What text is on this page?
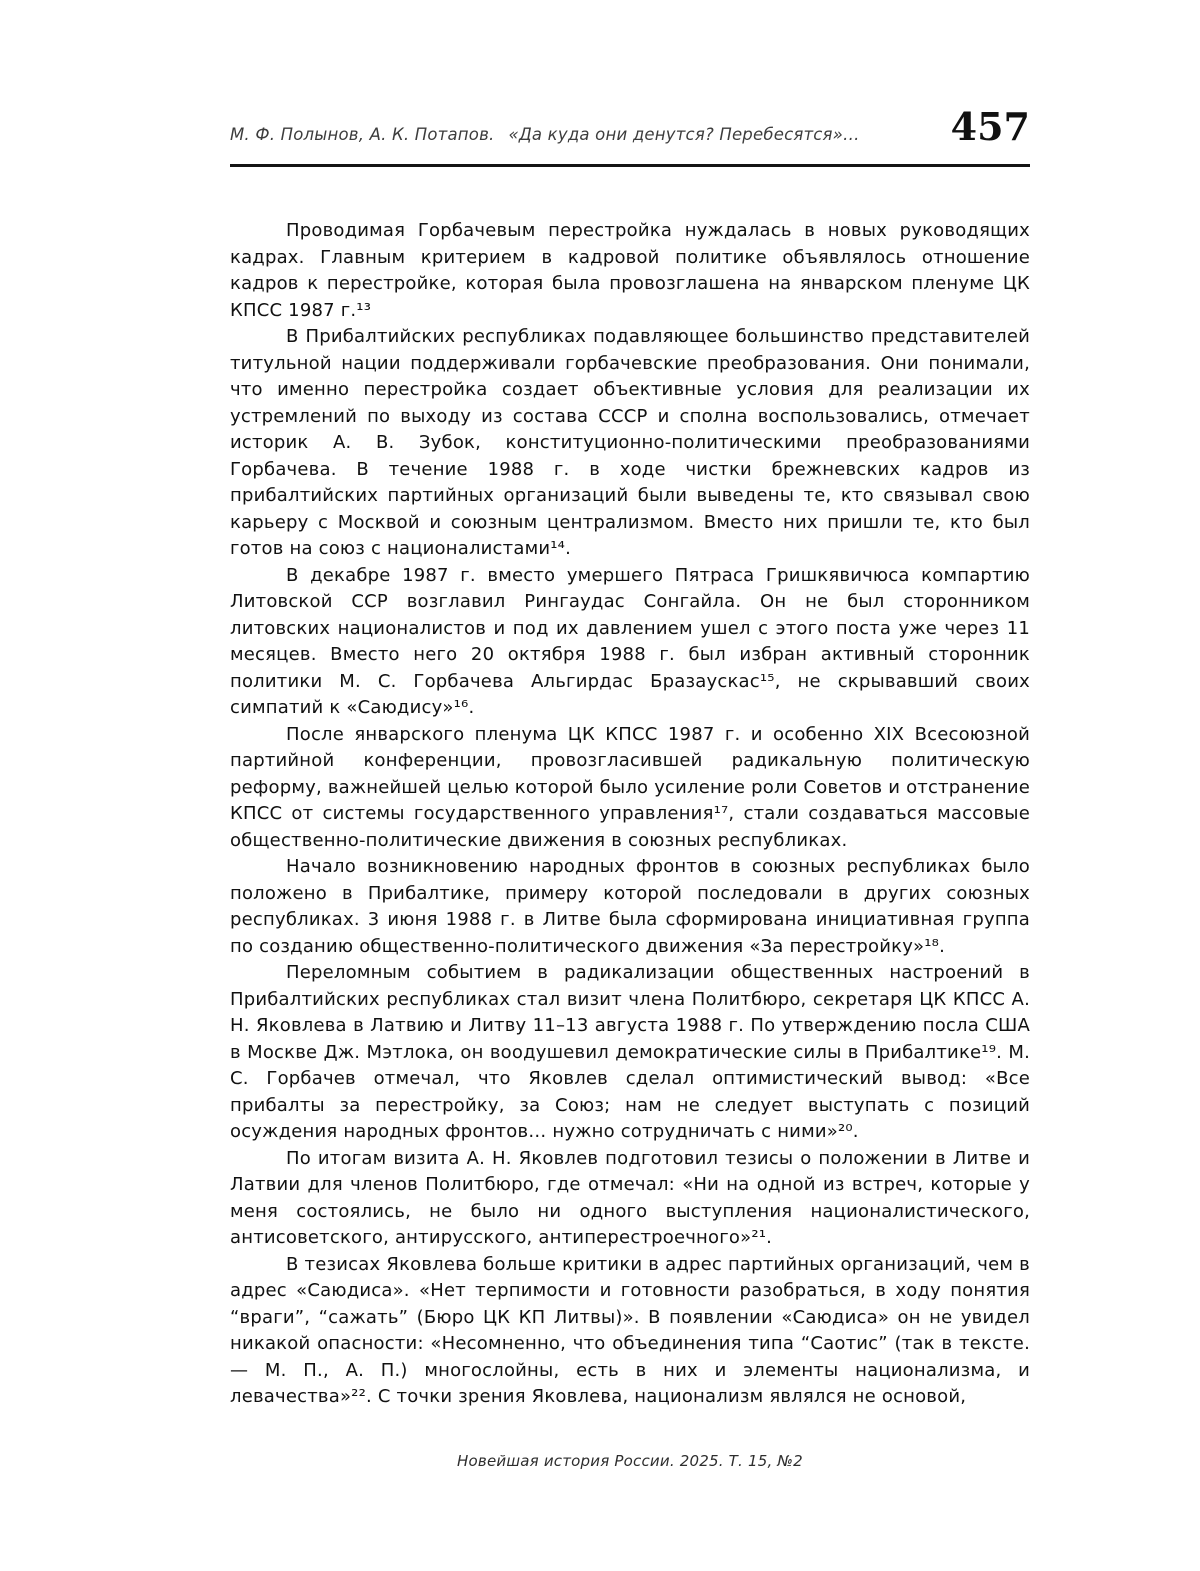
М. Ф. Полынов, А. К. Потапов. «Да куда они денутся? Перебесятся»… 457

Проводимая Горбачевым перестройка нуждалась в новых руководящих кадрах. Главным критерием в кадровой политике объявлялось отношение кадров к перестройке, которая была провозглашена на январском пленуме ЦК КПСС 1987 г.¹³

В Прибалтийских республиках подавляющее большинство представителей титульной нации поддерживали горбачевские преобразования. Они понимали, что именно перестройка создает объективные условия для реализации их устремлений по выходу из состава СССР и сполна воспользовались, отмечает историк А. В. Зубок, конституционно-политическими преобразованиями Горбачева. В течение 1988 г. в ходе чистки брежневских кадров из прибалтийских партийных организаций были выведены те, кто связывал свою карьеру с Москвой и союзным централизмом. Вместо них пришли те, кто был готов на союз с националистами¹⁴.

В декабре 1987 г. вместо умершего Пятраса Гришкявичюса компартию Литовской ССР возглавил Рингаудас Сонгайла. Он не был сторонником литовских националистов и под их давлением ушел с этого поста уже через 11 месяцев. Вместо него 20 октября 1988 г. был избран активный сторонник политики М. С. Горбачева Альгирдас Бразаускас¹⁵, не скрывавший своих симпатий к «Саюдису»¹⁶.

После январского пленума ЦК КПСС 1987 г. и особенно XIX Всесоюзной партийной конференции, провозгласившей радикальную политическую реформу, важнейшей целью которой было усиление роли Советов и отстранение КПСС от системы государственного управления¹⁷, стали создаваться массовые общественно-политические движения в союзных республиках.

Начало возникновению народных фронтов в союзных республиках было положено в Прибалтике, примеру которой последовали в других союзных республиках. 3 июня 1988 г. в Литве была сформирована инициативная группа по созданию общественно-политического движения «За перестройку»¹⁸.

Переломным событием в радикализации общественных настроений в Прибалтийских республиках стал визит члена Политбюро, секретаря ЦК КПСС А. Н. Яковлева в Латвию и Литву 11–13 августа 1988 г. По утверждению посла США в Москве Дж. Мэтлока, он воодушевил демократические силы в Прибалтике¹⁹. М. С. Горбачев отмечал, что Яковлев сделал оптимистический вывод: «Все прибалты за перестройку, за Союз; нам не следует выступать с позиций осуждения народных фронтов… нужно сотрудничать с ними»²⁰.

По итогам визита А. Н. Яковлев подготовил тезисы о положении в Литве и Латвии для членов Политбюро, где отмечал: «Ни на одной из встреч, которые у меня состоялись, не было ни одного выступления националистического, антисоветского, антирусского, антиперестроечного»²¹.

В тезисах Яковлева больше критики в адрес партийных организаций, чем в адрес «Саюдиса». «Нет терпимости и готовности разобраться, в ходу понятия “враги”, “сажать” (Бюро ЦК КП Литвы)». В появлении «Саюдиса» он не увидел никакой опасности: «Несомненно, что объединения типа “Саотис” (так в тексте. — М. П., А. П.) многослойны, есть в них и элементы национализма, и левачества»²². С точки зрения Яковлева, национализм являлся не основой,

Новейшая история России. 2025. Т. 15, №2
